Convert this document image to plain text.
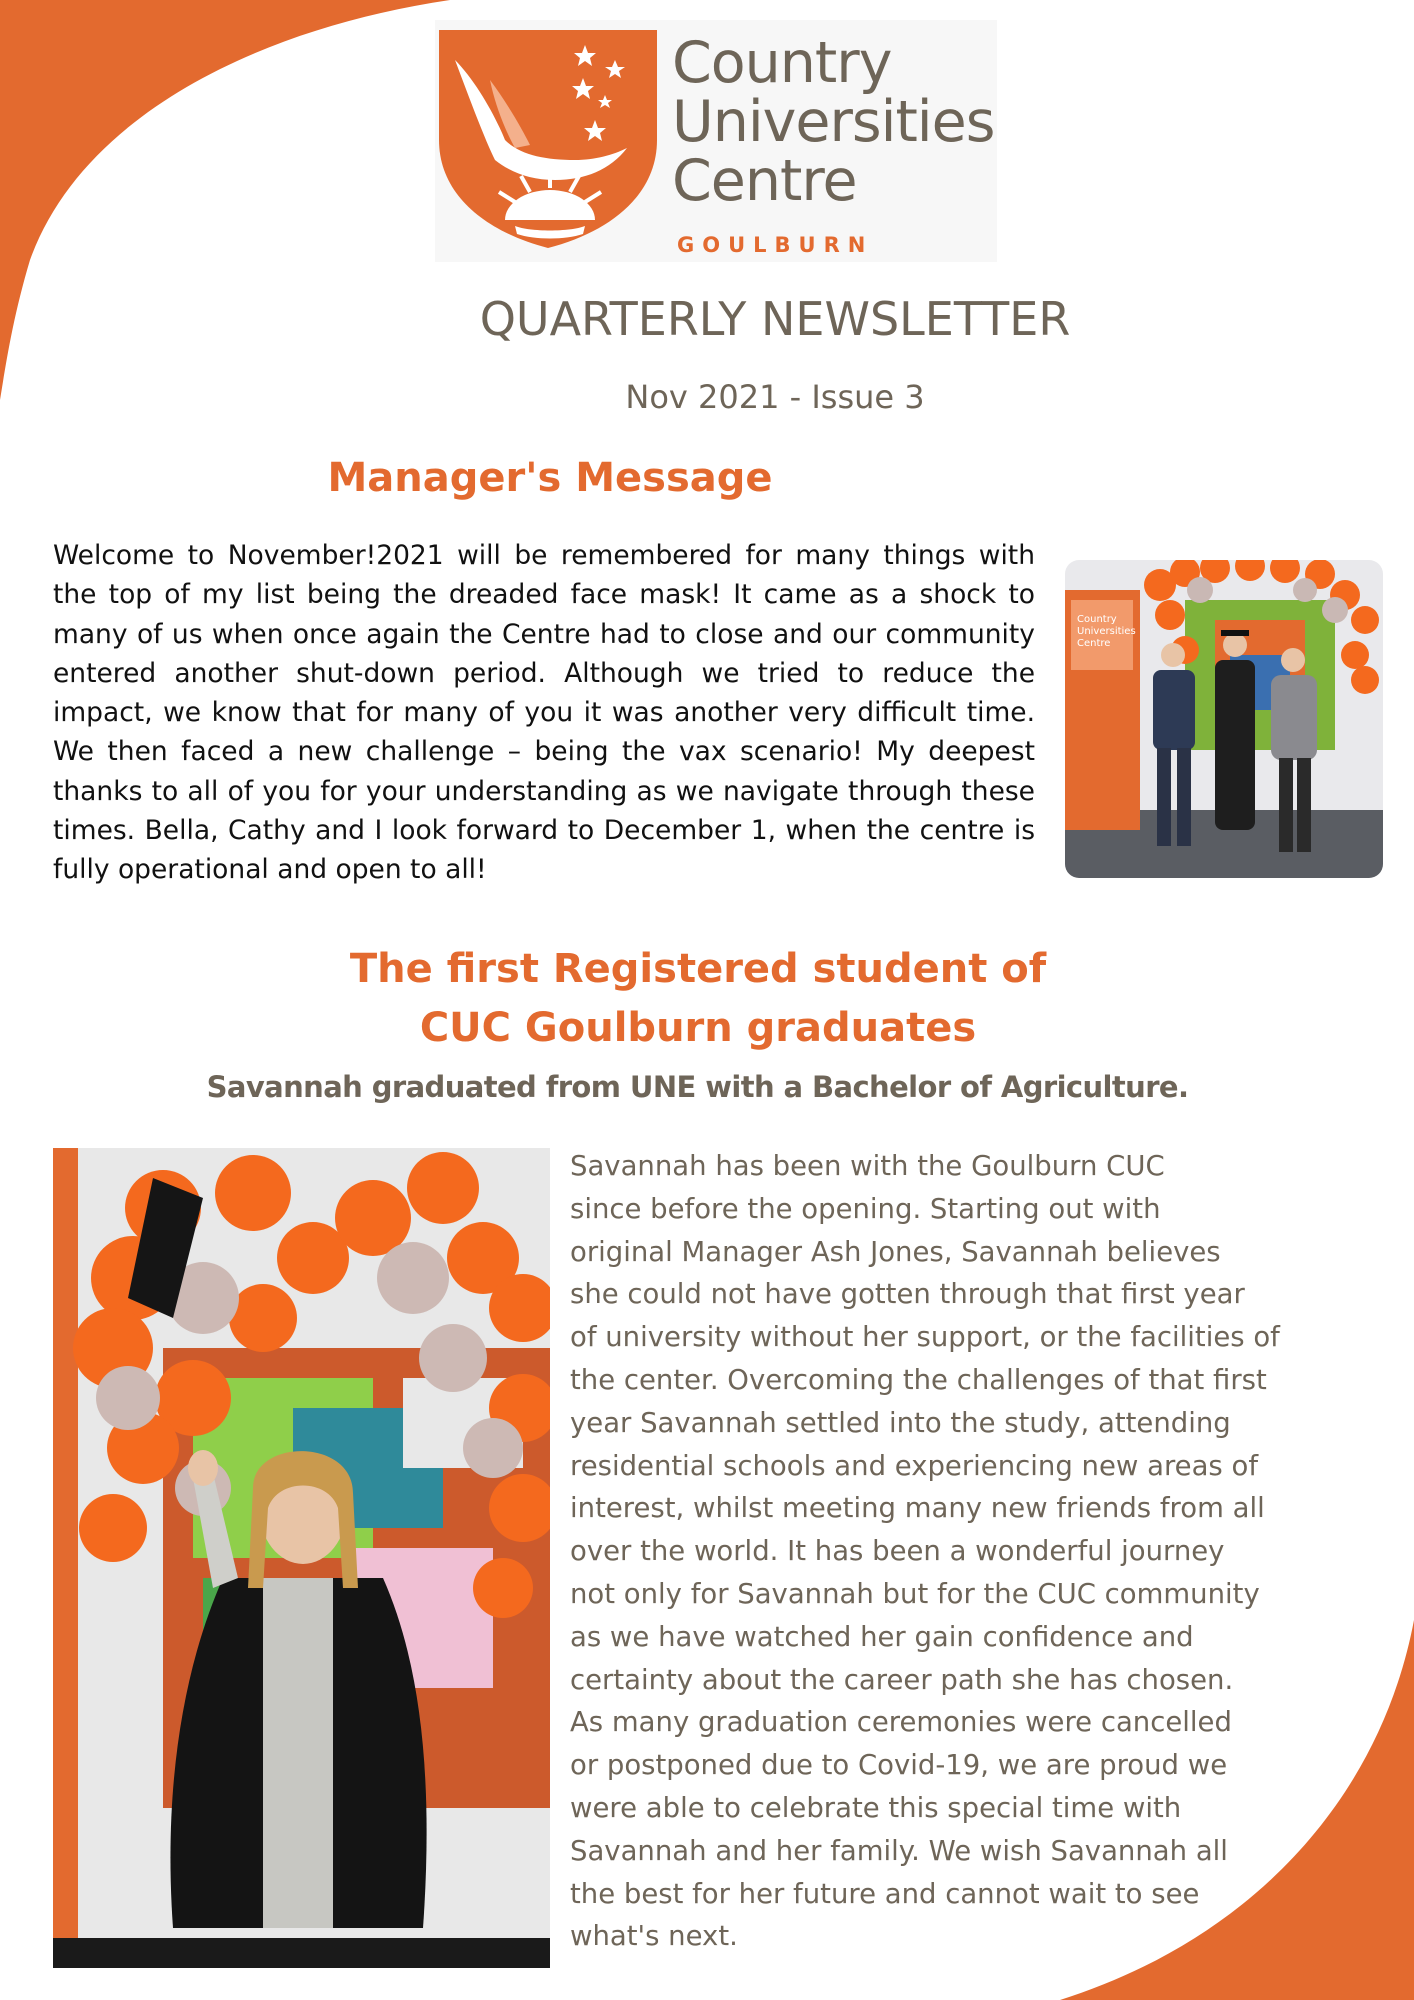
Country
Universities
Centre
GOULBURN
QUARTERLY NEWSLETTER
Nov 2021 - Issue 3
Manager's Message
Welcome to November!2021 will be remembered for many things with the top of my list being the dreaded face mask! It came as a shock to many of us when once again the Centre had to close and our community entered another shut-down period. Although we tried to reduce the impact, we know that for many of you it was another very difficult time. We then faced a new challenge – being the vax scenario! My deepest thanks to all of you for your understanding as we navigate through these times. Bella, Cathy and I look forward to December 1, when the centre is fully operational and open to all!
Country
Universities
Centre
The first Registered student of
CUC Goulburn graduates
Savannah graduated from UNE with a Bachelor of Agriculture.
Savannah has been with the Goulburn CUC
since before the opening. Starting out with
original Manager Ash Jones, Savannah believes
she could not have gotten through that first year
of university without her support, or the facilities of
the center. Overcoming the challenges of that first
year Savannah settled into the study, attending
residential schools and experiencing new areas of
interest, whilst meeting many new friends from all
over the world. It has been a wonderful journey
not only for Savannah but for the CUC community
as we have watched her gain confidence and
certainty about the career path she has chosen.
As many graduation ceremonies were cancelled
or postponed due to Covid-19, we are proud we
were able to celebrate this special time with
Savannah and her family. We wish Savannah all
the best for her future and cannot wait to see
what's next.
